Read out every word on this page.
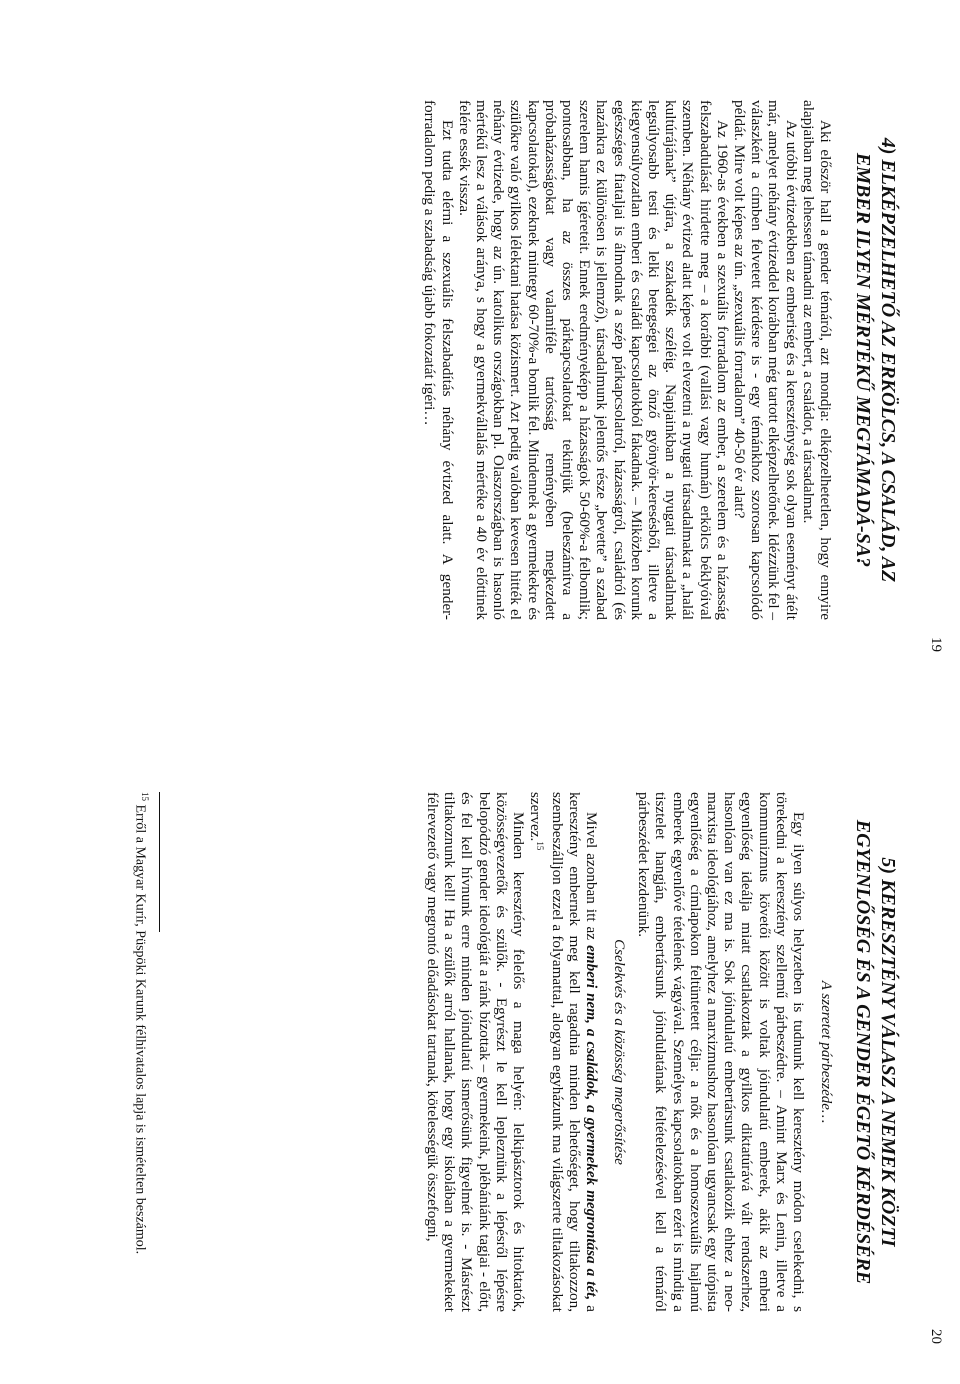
19
4) ELKÉPZELHETŐ AZ ERKÖLCS, A CSALÁD, AZ EMBER ILYEN MÉRTÉKŰ MEGTÁMADÁ-SA?

Aki először hall a gender témáról, azt mondja: elképzelhetetlen, hogy ennyire alapjaiban meg lehessen támadni az embert, a családot, a társadalmat.

Az utóbbi évtizedekben az emberiség és a kereszténység sok olyan eseményt átélt már, amelyet néhány évtizeddel korábban még tartott elképzelhetőnek. Idézzünk fel – válaszként a címben felvetett kérdésre is - egy témánkhoz szorosan kapcsolódó példát. Mire volt képes az ún. „szexuális forradalom” 40-50 év alatt?

Az 1960-as években a szexuális forradalom az ember, a szerelem és a házasság felszabadulását hirdette meg – a korábbi (vallási vagy humán) erkölcs béklyóival szemben. Néhány évtized alatt képes volt elvezetni a nyugati társadalmakat a „halál kultúrájának” útjára, a szakadék széléig. Napjainkban a nyugati társadalmak legsúlyosabb testi és lelki betegségei az önző gyönyör-keresésből, illetve a kiegyensúlyozatlan emberi és családi kapcsolatokból fakadnak. – Miközben korunk egészséges fiataljai is álmodnak a szép párkapcsolatról, házasságról, családról (és hazánkra ez különösen is jellemző), társadalmunk jelentős része „bevette” a szabad szerelem hamis ígéreteit. Ennek eredményeképp a házasságok 50-60%-a felbomlik; pontosabban, ha az összes párkapcsolatokat tekintjük (beleszámítva a próbaházasságokat vagy valamiféle tartósság reményében megkezdett kapcsolatokat), ezeknek mintegy 60-70%-a bomlik fel. Mindennek a gyermekekre és szülőkre való gyilkos lélektani hatása közismert. Azt pedig valóban kevesen hitték el néhány évtizede, hogy az ún. katolikus országokban pl. Olaszországban is hasonló mértékű lesz a válások aránya, s hogy a gyermekvállalás mértéke a 40 év előttinek felére essék vissza.

Ezt tudta elérni a szexuális felszabadítás néhány évtized alatt. A gender-forradalom pedig a szabadság újabb fokozatát ígéri…

20
5) KERESZTÉNY VÁLASZ A NEMEK KÖZTI EGYENLŐSÉG ÉS A GENDER ÉGETŐ KÉRDÉSÉRE
A szeretet párbeszéde…

Egy ilyen súlyos helyzetben is tudnunk kell keresztény módon cselekedni, s törekedni a keresztény szellemű párbeszédre. – Amint Marx és Lenin, illetve a kommunizmus követői között is voltak jóindulatú emberek, akik az emberi egyenlőség ideálja miatt csatlakoztak a gyilkos diktatúrává vált rendszerhez, hasonlóan van ez ma is. Sok jóindulatú embertársunk csatlakozik ehhez a neo-marxista ideológiához, amelyhez a marxizmushoz hasonlóan ugyancsak egy utópista egyenlőség a címlapokon feltüntetett célja: a nők és a homoszexuális hajlamú emberek egyenlővé tételének vágyával. Személyes kapcsolatokban ezért is mindig a tisztelet hangján, embertársunk jóindulatának feltételezésével kell a témáról párbeszédet kezdenünk.

Cselekvés és a közösség megerősítése

Mivel azonban itt az emberi nem, a családok, a gyermekek megrontása a tét, a keresztény embernek meg kell ragadnia minden lehetőséget, hogy tiltakozzon, szembeszálljon ezzel a folyamattal, alogyan egyházunk ma világszerte tiltakozásokat szervez.$^{15}$

Minden keresztény felelős a maga helyén: lelkipásztorok és hitoktatók, közösségvezetők és szülők. - Egyrészt le kell lepleznünk a lépésről lépésre belopódzó gender ideológiát a ránk bízottak – gyermekeink, plébániánk tagjai - előtt, és fel kell hívnunk erre minden jóindulatú ismerősünk figyelmét is. - Másrészt tiltakoznunk kell! Ha a szülők arról hallanak, hogy egy iskolában a gyermekeket félrevezető vagy megrontó előadásokat tartanak, kötelességük összefogni,

$^{15}$ Erről a Magyar Kurír, Püspöki Karunk félhivatalos lapja is ismételten beszámol.
